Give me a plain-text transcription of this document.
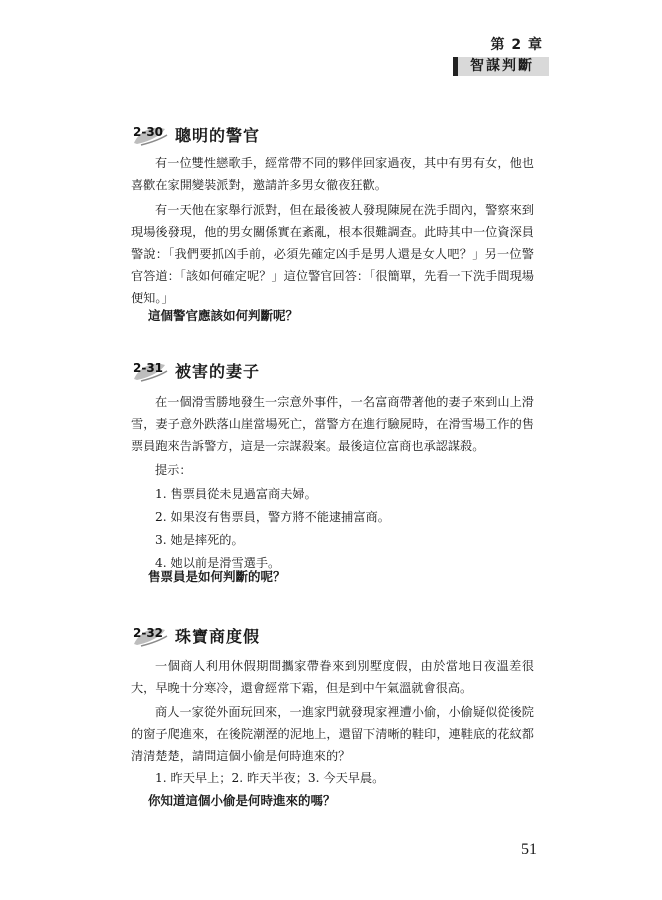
第 2 章
智謀判斷
2-30 聰明的警官

有一位雙性戀歌手，經常帶不同的夥伴回家過夜，其中有男有女，他也喜歡在家開變裝派對，邀請許多男女徹夜狂歡。

有一天他在家舉行派對，但在最後被人發現陳屍在洗手間內，警察來到現場後發現，他的男女關係實在紊亂，根本很難調查。此時其中一位資深員警說：「我們要抓凶手前，必須先確定凶手是男人還是女人吧？」另一位警官答道：「該如何確定呢？」這位警官回答：「很簡單，先看一下洗手間現場便知。」

這個警官應該如何判斷呢？
2-31 被害的妻子

在一個滑雪勝地發生一宗意外事件，一名富商帶著他的妻子來到山上滑雪，妻子意外跌落山崖當場死亡，當警方在進行驗屍時，在滑雪場工作的售票員跑來告訴警方，這是一宗謀殺案。最後這位富商也承認謀殺。

提示：
1. 售票員從未見過富商夫婦。
2. 如果沒有售票員，警方將不能逮捕富商。
3. 她是摔死的。
4. 她以前是滑雪選手。
售票員是如何判斷的呢？
2-32 珠寶商度假

一個商人利用休假期間攜家帶眷來到別墅度假，由於當地日夜溫差很大，早晚十分寒冷，還會經常下霜，但是到中午氣溫就會很高。

商人一家從外面玩回來，一進家門就發現家裡遭小偷，小偷疑似從後院的窗子爬進來，在後院潮溼的泥地上，還留下清晰的鞋印，連鞋底的花紋都清清楚楚，請問這個小偷是何時進來的？

1. 昨天早上；2. 昨天半夜；3. 今天早晨。
你知道這個小偷是何時進來的嗎？
51
